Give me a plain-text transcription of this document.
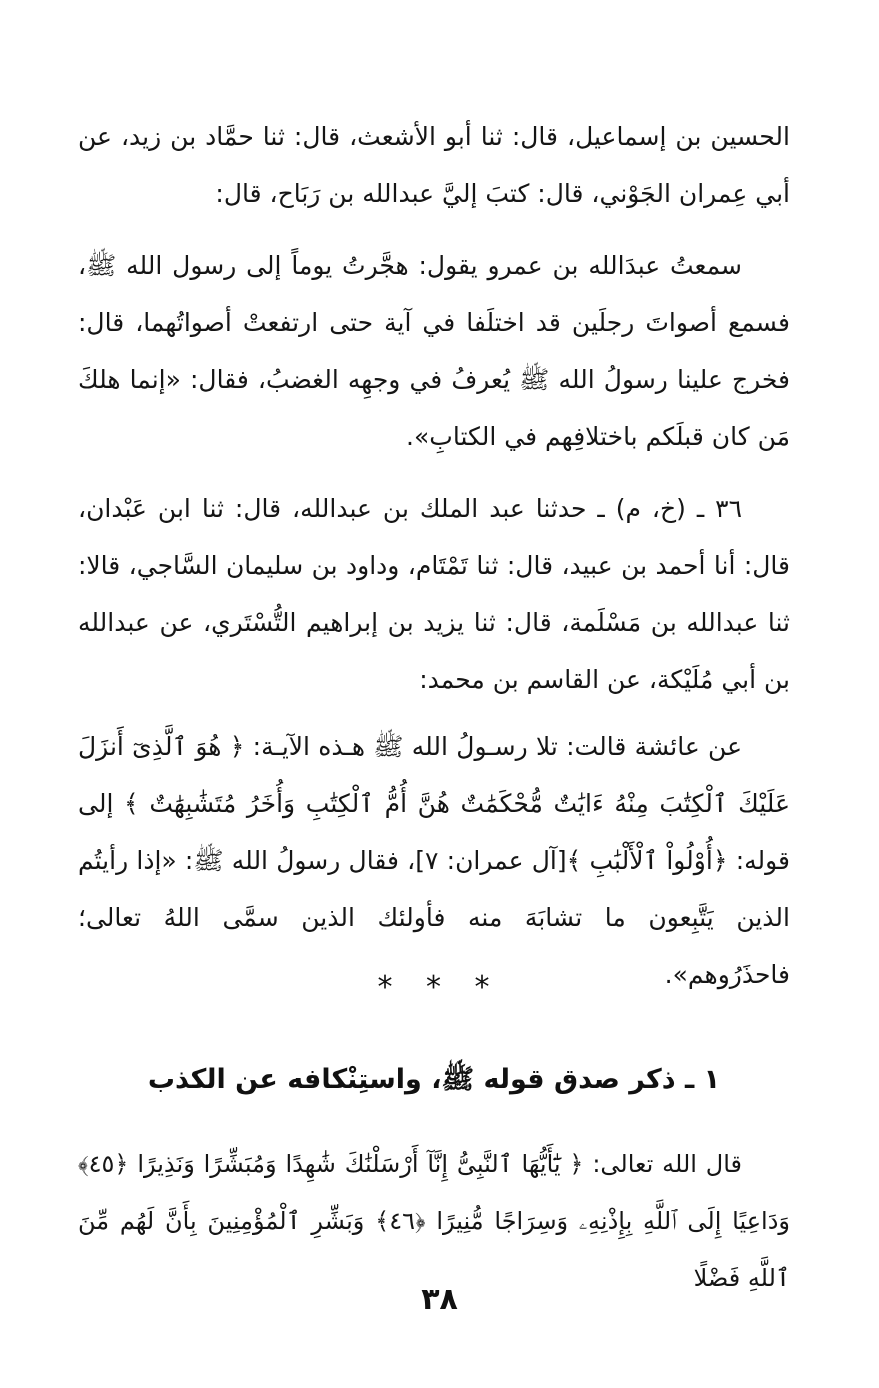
الحسين بن إسماعيل، قال: ثنا أبو الأشعث، قال: ثنا حمَّاد بن زيد، عن أبي عِمران الجَوْني، قال: كتبَ إليَّ عبدالله بن رَبَاح، قال:

سمعتُ عبدَالله بن عمرو يقول: هجَّرتُ يوماً إلى رسول الله ﷺ، فسمع أصواتَ رجلَين قد اختلَفا في آية حتى ارتفعتْ أصواتُهما، قال: فخرج علينا رسولُ الله ﷺ يُعرفُ في وجهِه الغضبُ، فقال: «إنما هلكَ مَن كان قبلَكم باختلافِهم في الكتابِ».

٣٦ ـ (خ، م) ـ حدثنا عبد الملك بن عبدالله، قال: ثنا ابن عَبْدان، قال: أنا أحمد بن عبيد، قال: ثنا تَمْتَام، وداود بن سليمان السَّاجي، قالا: ثنا عبدالله بن مَسْلَمة، قال: ثنا يزيد بن إبراهيم التُّسْتَري، عن عبدالله بن أبي مُلَيْكة، عن القاسم بن محمد:

عن عائشة قالت: تلا رسـولُ الله ﷺ هـذه الآيـة: ﴿ هُوَ ٱلَّذِىٓ أَنزَلَ عَلَيْكَ ٱلْكِتَٰبَ مِنْهُ ءَايَٰتٌ مُّحْكَمَٰتٌ هُنَّ أُمُّ ٱلْكِتَٰبِ وَأُخَرُ مُتَشَٰبِهَٰتٌ ﴾ إلى قوله: ﴿أُوْلُواْ ٱلْأَلْبَٰبِ ﴾[آل عمران: ٧]، فقال رسولُ الله ﷺ: «إذا رأيتُم الذين يَتَّبِعون ما تشابَهَ منه فأولئك الذين سمَّى اللهُ تعالى؛ فاحذَرُوهم».

* * *
١ ـ ذكر صدق قوله ﷺ، واستِنْكافه عن الكذب

قال الله تعالى: ﴿ يَٰٓأَيُّهَا ٱلنَّبِىُّ إِنَّآ أَرْسَلْنَٰكَ شَٰهِدًا وَمُبَشِّرًا وَنَذِيرًا ﴿٤٥﴾ وَدَاعِيًا إِلَى ٱللَّهِ بِإِذْنِهِۦ وَسِرَاجًا مُّنِيرًا ﴿٤٦﴾ وَبَشِّرِ ٱلْمُؤْمِنِينَ بِأَنَّ لَهُم مِّنَ ٱللَّهِ فَضْلًا

٣٨
